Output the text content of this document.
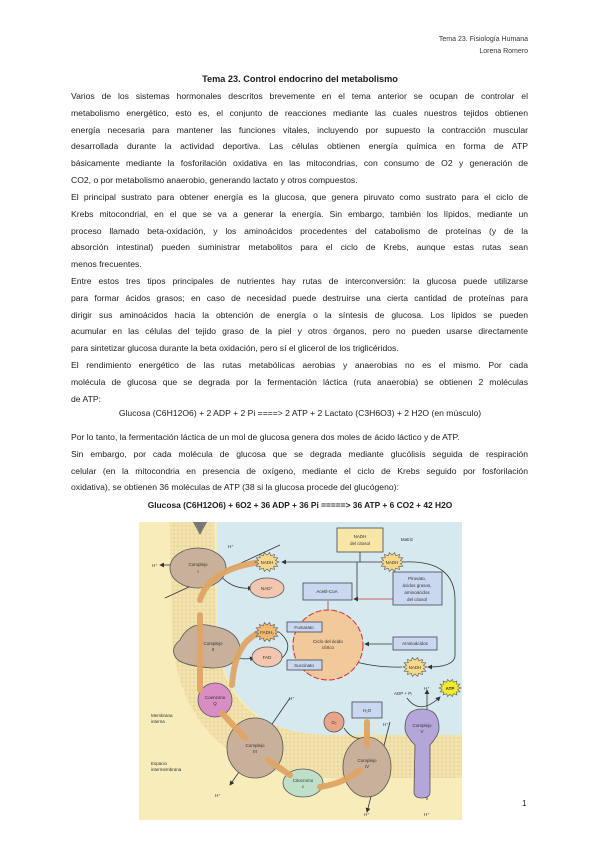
Tema 23. Fisiología Humana
Lorena Romero
Tema 23. Control endocrino del metabolismo
Varios de los sistemas hormonales descritos brevemente en el tema anterior se ocupan de controlar el
metabolismo energético, esto es, el conjunto de reacciones mediante las cuales nuestros tejidos obtienen
energía necesaria para mantener las funciones vitales, incluyendo por supuesto la contracción muscular
desarrollada durante la actividad deportiva. Las células obtienen energía química en forma de ATP
básicamente mediante la fosforilación oxidativa en las mitocondrias, con consumo de O2 y generación de
CO2, o por metabolismo anaerobio, generando lactato y otros compuestos.
El principal sustrato para obtener energía es la glucosa, que genera piruvato como sustrato para el ciclo de
Krebs mitocondrial, en el que se va a generar la energía. Sin embargo, también los lípidos, mediante un
proceso llamado beta-oxidación, y los aminoácidos procedentes del catabolismo de proteínas (y de la
absorción intestinal) pueden suministrar metabolitos para el ciclo de Krebs, aunque estas rutas sean
menos frecuentes.
Entre estos tres tipos principales de nutrientes hay rutas de interconversión: la glucosa puede utilizarse
para formar ácidos grasos; en caso de necesidad puede destruirse una cierta cantidad de proteínas para
dirigir sus aminoácidos hacia la obtención de energía o la síntesis de glucosa. Los lípidos se pueden
acumular en las células del tejido graso de la piel y otros órganos, pero no pueden usarse directamente
para sintetizar glucosa durante la beta oxidación, pero sí el glicerol de los triglicéridos.
El rendimiento energético de las rutas metabólicas aerobias y anaerobias no es el mismo. Por cada
molécula de glucosa que se degrada por la fermentación láctica (ruta anaerobia) se obtienen 2 moléculas
de ATP:
Glucosa (C6H12O6) + 2 ADP + 2 Pi ====> 2 ATP + 2 Lactato (C3H6O3) + 2 H2O (en músculo)
Por lo tanto, la fermentación láctica de un mol de glucosa genera dos moles de ácido láctico y de ATP.
Sin embargo, por cada molécula de glucosa que se degrada mediante glucólisis seguida de respiración
celular (en la mitocondria en presencia de oxígeno, mediante el ciclo de Krebs seguido por fosforilación
oxidativa), se obtienen 36 moléculas de ATP (38 si la glucosa procede del glucógeno):
Glucosa (C6H12O6) + 6O2 + 36 ADP + 36 Pi =====> 36 ATP + 6 CO2 + 42 H2O
Ciclo del ácido
cítrico
NADH
del citosol
Matriz
Piruvato,
ácidos grasos,
aminoácidos
del citosol
Acetil-CoA
Fumarato
Succinato
Aminoácidos
H₂O
Complejo
I
NADH	NADH
NADH
NAD⁺
FADH₂
FAD
Complejo
II
Coenzima
Q
Complejo
III
Citocromo
c
Complejo
IV
O₂
Complejo
V
ADP + Pᵢ
ATP
Membrana
interna
Espacio
intermembrana
H⁺
H⁺
H⁺
H⁺
H⁺
H⁺
H⁺
H⁺
1
